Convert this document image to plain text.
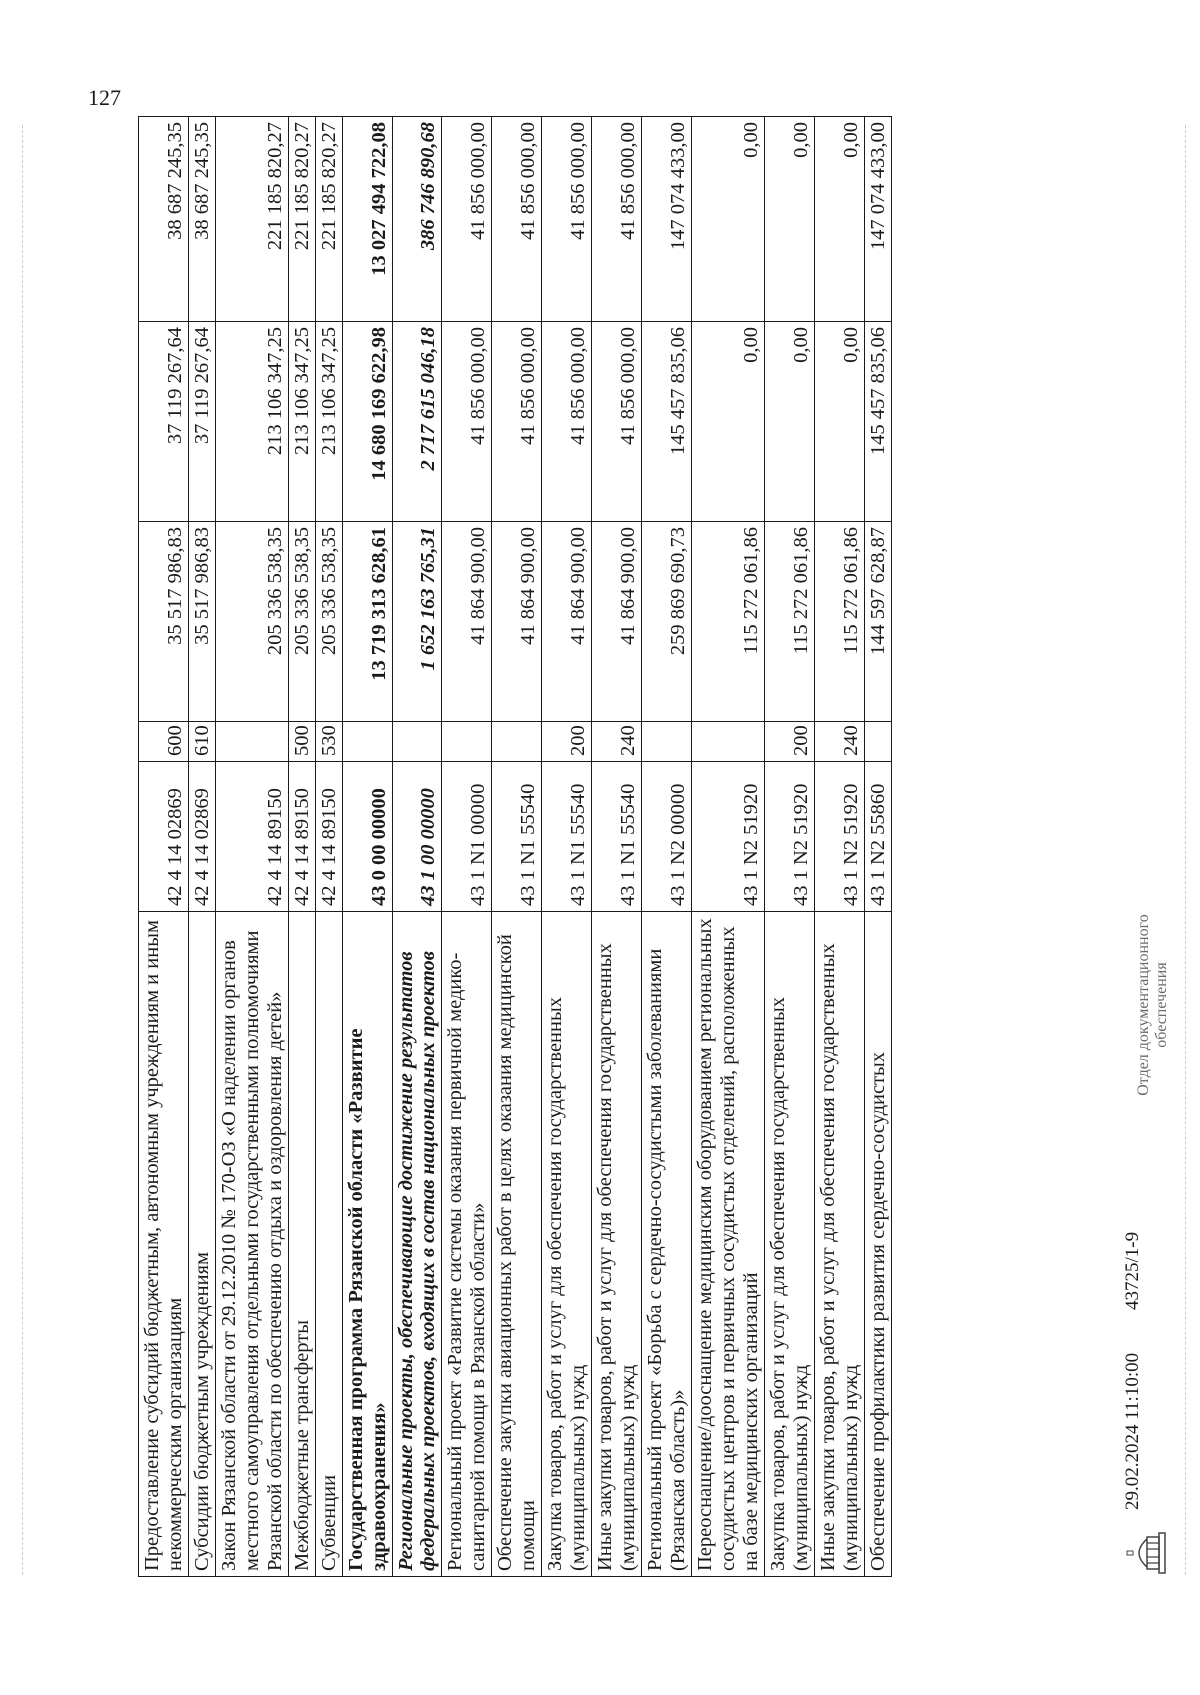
127
Предоставление субсидий бюджетным, автономным учреждениям и иным некоммерческим организациям	42 4 14 02869	600	35 517 986,83	37 119 267,64	38 687 245,35
Субсидии бюджетным учреждениям	42 4 14 02869	610	35 517 986,83	37 119 267,64	38 687 245,35
Закон Рязанской области от 29.12.2010 № 170-ОЗ «О наделении органов местного самоуправления отдельными государственными полномочиями Рязанской области по обеспечению отдыха и оздоровления детей»	42 4 14 89150		205 336 538,35	213 106 347,25	221 185 820,27
Межбюджетные трансферты	42 4 14 89150	500	205 336 538,35	213 106 347,25	221 185 820,27
Субвенции	42 4 14 89150	530	205 336 538,35	213 106 347,25	221 185 820,27
Государственная программа Рязанской области «Развитие здравоохранения»	43 0 00 00000		13 719 313 628,61	14 680 169 622,98	13 027 494 722,08
Региональные проекты, обеспечивающие достижение результатов федеральных проектов, входящих в состав национальных проектов	43 1 00 00000		1 652 163 765,31	2 717 615 046,18	386 746 890,68
Региональный проект «Развитие системы оказания первичной медико-санитарной помощи в Рязанской области»	43 1 N1 00000		41 864 900,00	41 856 000,00	41 856 000,00
Обеспечение закупки авиационных работ в целях оказания медицинской помощи	43 1 N1 55540		41 864 900,00	41 856 000,00	41 856 000,00
Закупка товаров, работ и услуг для обеспечения государственных (муниципальных) нужд	43 1 N1 55540	200	41 864 900,00	41 856 000,00	41 856 000,00
Иные закупки товаров, работ и услуг для обеспечения государственных (муниципальных) нужд	43 1 N1 55540	240	41 864 900,00	41 856 000,00	41 856 000,00
Региональный проект «Борьба с сердечно-сосудистыми заболеваниями (Рязанская область)»	43 1 N2 00000		259 869 690,73	145 457 835,06	147 074 433,00
Переоснащение/дооснащение медицинским оборудованием региональных сосудистых центров и первичных сосудистых отделений, расположенных на базе медицинских организаций	43 1 N2 51920		115 272 061,86	0,00	0,00
Закупка товаров, работ и услуг для обеспечения государственных (муниципальных) нужд	43 1 N2 51920	200	115 272 061,86	0,00	0,00
Иные закупки товаров, работ и услуг для обеспечения государственных (муниципальных) нужд	43 1 N2 51920	240	115 272 061,86	0,00	0,00
Обеспечение профилактики развития сердечно-сосудистых	43 1 N2 55860		144 597 628,87	145 457 835,06	147 074 433,00
29.02.2024 11:10:00
43725/1-9
Отдел документационного обеспечения
